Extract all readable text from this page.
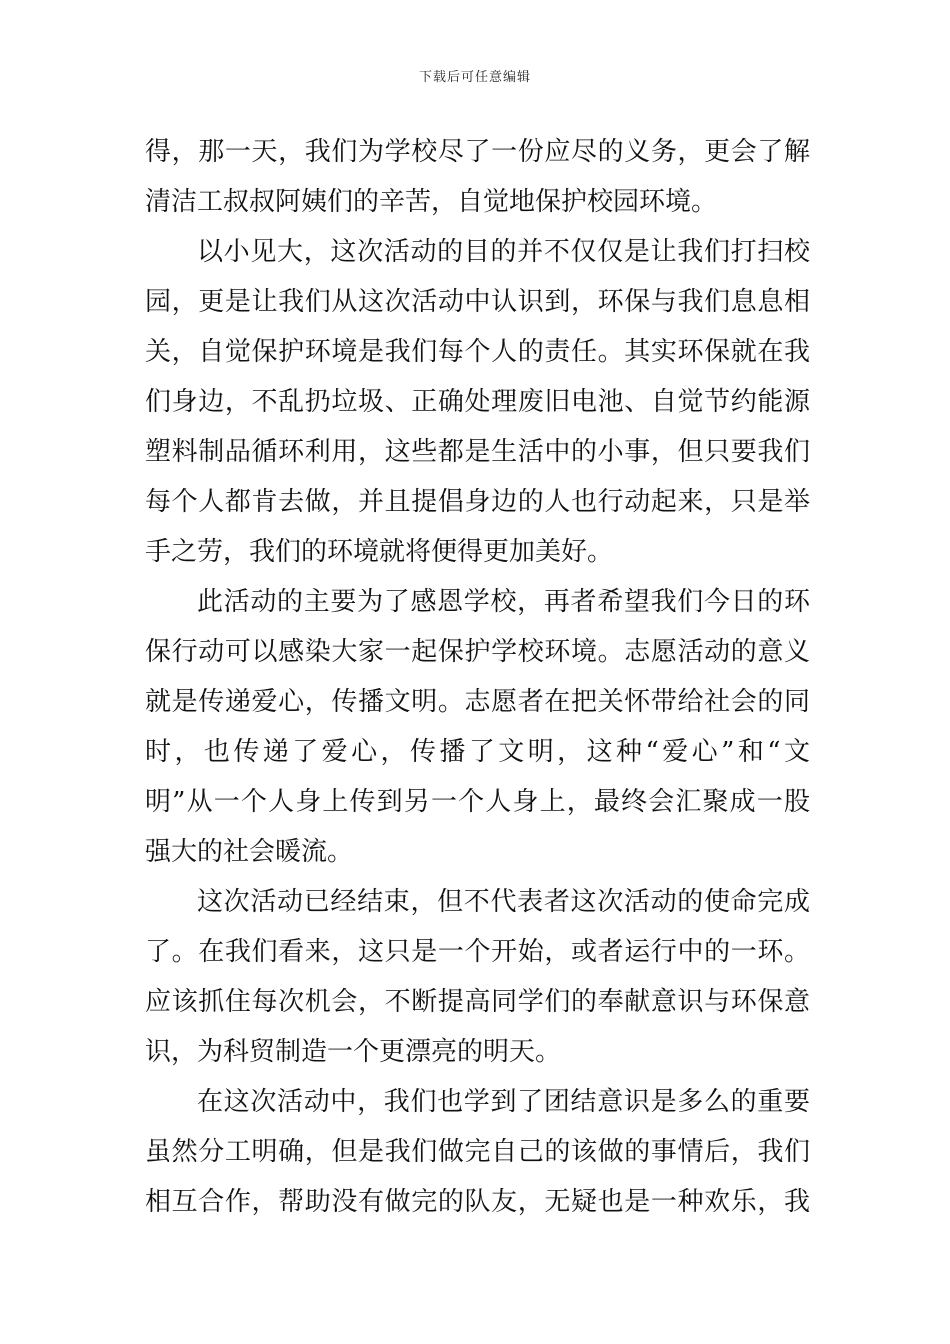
下载后可任意编辑
得，那一天，我们为学校尽了一份应尽的义务，更会了解
清洁工叔叔阿姨们的辛苦，自觉地保护校园环境。
以小见大，这次活动的目的并不仅仅是让我们打扫校
园，更是让我们从这次活动中认识到，环保与我们息息相
关，自觉保护环境是我们每个人的责任。其实环保就在我
们身边，不乱扔垃圾、正确处理废旧电池、自觉节约能源
塑料制品循环利用，这些都是生活中的小事，但只要我们
每个人都肯去做，并且提倡身边的人也行动起来，只是举
手之劳，我们的环境就将便得更加美好。
此活动的主要为了感恩学校，再者希望我们今日的环
保行动可以感染大家一起保护学校环境。志愿活动的意义
就是传递爱心，传播文明。志愿者在把关怀带给社会的同
时，也传递了爱心，传播了文明，这种“爱心”和“文
明”从一个人身上传到另一个人身上，最终会汇聚成一股
强大的社会暖流。
这次活动已经结束，但不代表者这次活动的使命完成
了。在我们看来，这只是一个开始，或者运行中的一环。
应该抓住每次机会，不断提高同学们的奉献意识与环保意
识，为科贸制造一个更漂亮的明天。
在这次活动中，我们也学到了团结意识是多么的重要
虽然分工明确，但是我们做完自己的该做的事情后，我们
相互合作，帮助没有做完的队友，无疑也是一种欢乐，我
